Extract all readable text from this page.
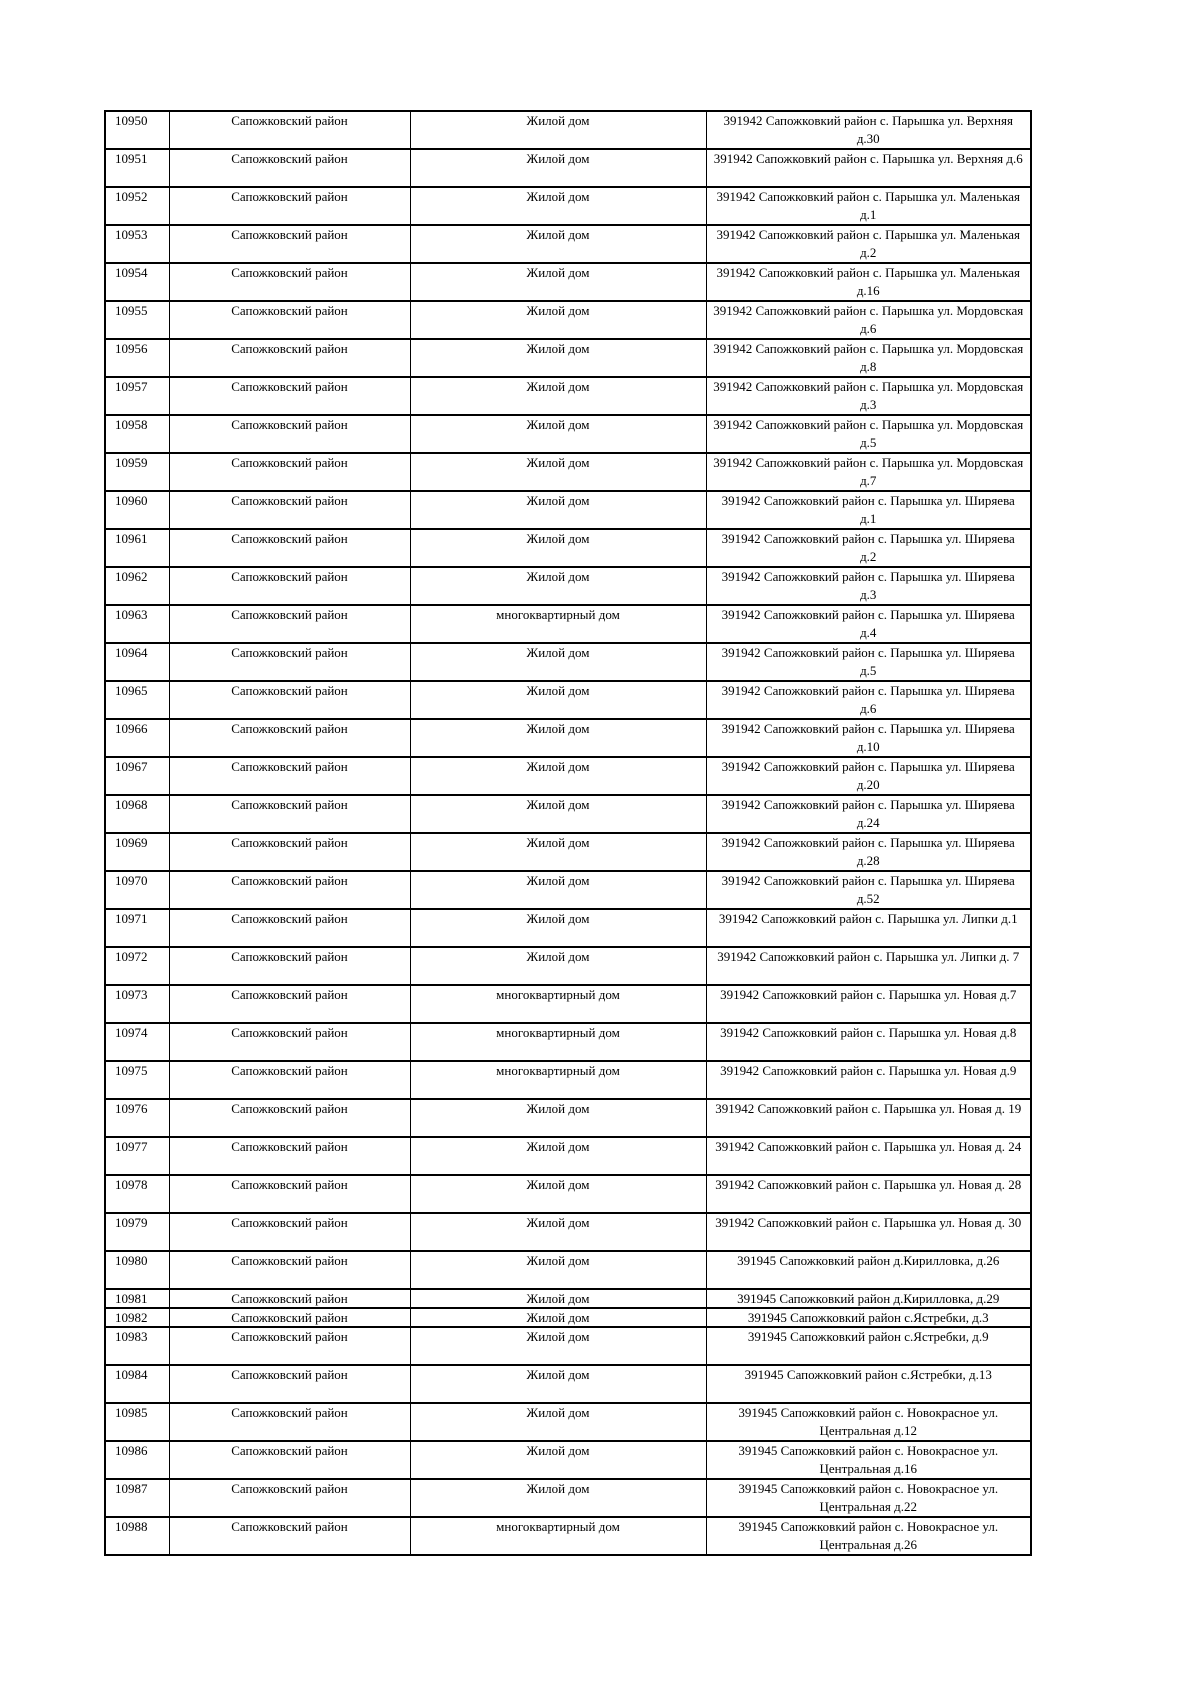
10950	Сапожковский район	Жилой дом	391942 Сапожковкий район с. Парышка ул. Верхняя д.30
10951	Сапожковский район	Жилой дом	391942 Сапожковкий район с. Парышка ул. Верхняя д.6
10952	Сапожковский район	Жилой дом	391942 Сапожковкий район с. Парышка ул. Маленькая д.1
10953	Сапожковский район	Жилой дом	391942 Сапожковкий район с. Парышка ул. Маленькая д.2
10954	Сапожковский район	Жилой дом	391942 Сапожковкий район с. Парышка ул. Маленькая д.16
10955	Сапожковский район	Жилой дом	391942 Сапожковкий район с. Парышка ул. Мордовская д.6
10956	Сапожковский район	Жилой дом	391942 Сапожковкий район с. Парышка ул. Мордовская д.8
10957	Сапожковский район	Жилой дом	391942 Сапожковкий район с. Парышка ул. Мордовская д.3
10958	Сапожковский район	Жилой дом	391942 Сапожковкий район с. Парышка ул. Мордовская д.5
10959	Сапожковский район	Жилой дом	391942 Сапожковкий район с. Парышка ул. Мордовская д.7
10960	Сапожковский район	Жилой дом	391942 Сапожковкий район с. Парышка ул. Ширяева д.1
10961	Сапожковский район	Жилой дом	391942 Сапожковкий район с. Парышка ул. Ширяева д.2
10962	Сапожковский район	Жилой дом	391942 Сапожковкий район с. Парышка ул. Ширяева д.3
10963	Сапожковский район	многоквартирный дом	391942 Сапожковкий район с. Парышка ул. Ширяева д.4
10964	Сапожковский район	Жилой дом	391942 Сапожковкий район с. Парышка ул. Ширяева д.5
10965	Сапожковский район	Жилой дом	391942 Сапожковкий район с. Парышка ул. Ширяева д.6
10966	Сапожковский район	Жилой дом	391942 Сапожковкий район с. Парышка ул. Ширяева д.10
10967	Сапожковский район	Жилой дом	391942 Сапожковкий район с. Парышка ул. Ширяева д.20
10968	Сапожковский район	Жилой дом	391942 Сапожковкий район с. Парышка ул. Ширяева д.24
10969	Сапожковский район	Жилой дом	391942 Сапожковкий район с. Парышка ул. Ширяева д.28
10970	Сапожковский район	Жилой дом	391942 Сапожковкий район с. Парышка ул. Ширяева д.52
10971	Сапожковский район	Жилой дом	391942 Сапожковкий район с. Парышка ул. Липки д.1
10972	Сапожковский район	Жилой дом	391942 Сапожковкий район с. Парышка ул. Липки д. 7
10973	Сапожковский район	многоквартирный дом	391942 Сапожковкий район с. Парышка ул. Новая д.7
10974	Сапожковский район	многоквартирный дом	391942 Сапожковкий район с. Парышка ул. Новая д.8
10975	Сапожковский район	многоквартирный дом	391942 Сапожковкий район с. Парышка ул. Новая д.9
10976	Сапожковский район	Жилой дом	391942 Сапожковкий район с. Парышка ул. Новая д. 19
10977	Сапожковский район	Жилой дом	391942 Сапожковкий район с. Парышка ул. Новая д. 24
10978	Сапожковский район	Жилой дом	391942 Сапожковкий район с. Парышка ул. Новая д. 28
10979	Сапожковский район	Жилой дом	391942 Сапожковкий район с. Парышка ул. Новая д. 30
10980	Сапожковский район	Жилой дом	391945 Сапожковкий район д.Кирилловка, д.26
10981	Сапожковский район	Жилой дом	391945 Сапожковкий район д.Кирилловка, д.29
10982	Сапожковский район	Жилой дом	391945 Сапожковкий район с.Ястребки, д.3
10983	Сапожковский район	Жилой дом	391945 Сапожковкий район с.Ястребки, д.9
10984	Сапожковский район	Жилой дом	391945 Сапожковкий район с.Ястребки, д.13
10985	Сапожковский район	Жилой дом	391945 Сапожковкий район с. Новокрасное ул. Центральная д.12
10986	Сапожковский район	Жилой дом	391945 Сапожковкий район с. Новокрасное ул. Центральная д.16
10987	Сапожковский район	Жилой дом	391945 Сапожковкий район с. Новокрасное ул. Центральная д.22
10988	Сапожковский район	многоквартирный дом	391945 Сапожковкий район с. Новокрасное ул. Центральная д.26
